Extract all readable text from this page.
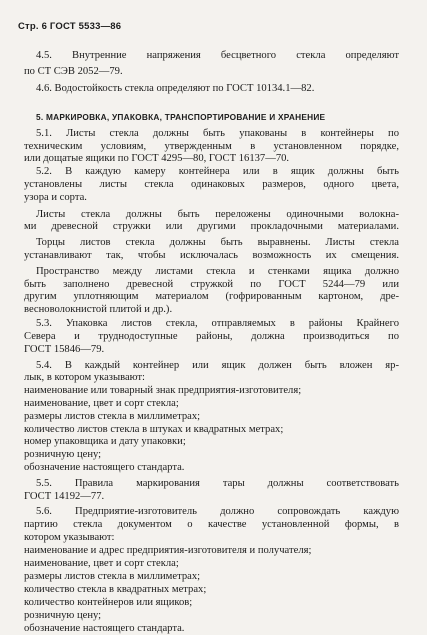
Стр. 6 ГОСТ 5533—86
4.5. Внутренние напряжения бесцветного стекла определяют
по СТ СЭВ 2052—79.
4.6. Водостойкость стекла определяют по ГОСТ 10134.1—82.
5. МАРКИРОВКА, УПАКОВКА, ТРАНСПОРТИРОВАНИЕ И ХРАНЕНИЕ
5.1. Листы стекла должны быть упакованы в контейнеры по
техническим условиям, утвержденным в установленном порядке,
или дощатые ящики по ГОСТ 4295—80, ГОСТ 16137—70.
5.2. В каждую камеру контейнера или в ящик должны быть
установлены листы стекла одинаковых размеров, одного цвета,
узора и сорта.
Листы стекла должны быть переложены одиночными волокна-
ми древесной стружки или другими прокладочными материалами.
Торцы листов стекла должны быть выравнены. Листы стекла
устанавливают так, чтобы исключалась возможность их смещения.
Пространство между листами стекла и стенками ящика должно
быть заполнено древесной стружкой по ГОСТ 5244—79 или
другим уплотняющим материалом (гофрированным картоном, дре-
весноволокнистой плитой и др.).
5.3. Упаковка листов стекла, отправляемых в районы Крайнего
Севера и труднодоступные районы, должна производиться по
ГОСТ 15846—79.
5.4. В каждый контейнер или ящик должен быть вложен яр-
лык, в котором указывают:
наименование или товарный знак предприятия-изготовителя;
наименование, цвет и сорт стекла;
размеры листов стекла в миллиметрах;
количество листов стекла в штуках и квадратных метрах;
номер упаковщика и дату упаковки;
розничную цену;
обозначение настоящего стандарта.
5.5. Правила маркирования тары должны соответствовать
ГОСТ 14192—77.
5.6. Предприятие-изготовитель должно сопровождать каждую
партию стекла документом о качестве установленной формы, в
котором указывают:
наименование и адрес предприятия-изготовителя и получателя;
наименование, цвет и сорт стекла;
размеры листов стекла в миллиметрах;
количество стекла в квадратных метрах;
количество контейнеров или ящиков;
розничную цену;
обозначение настоящего стандарта.
